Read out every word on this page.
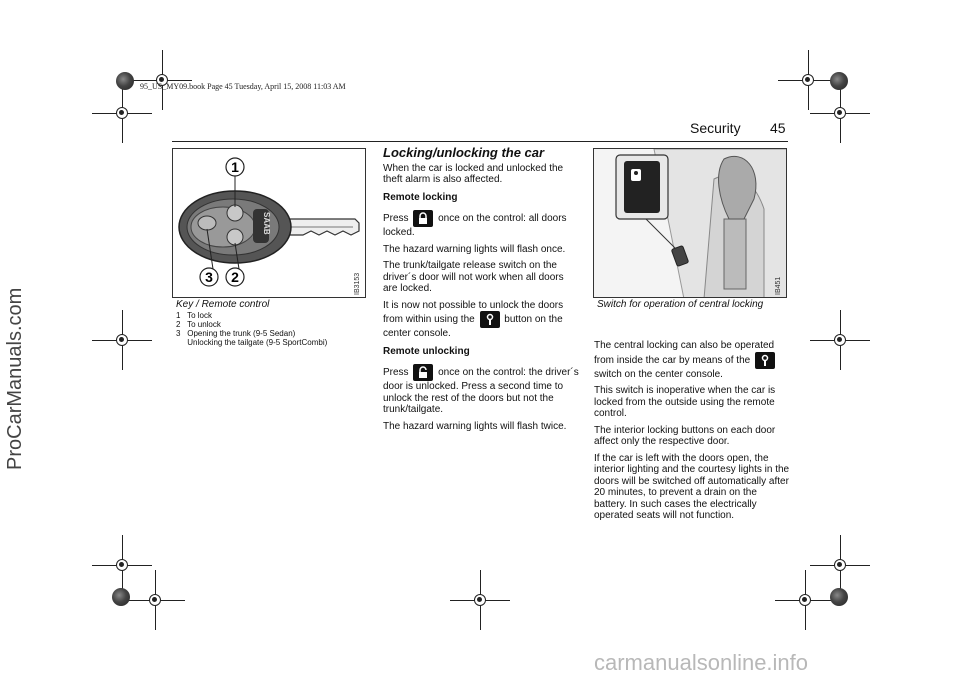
95_US_MY09.book Page 45 Tuesday, April 15, 2008 11:03 AM
Security 45
ProCarManuals.com
carmanualsonline.info
1
3 2
SAAB
IB3153
Key / Remote control
1 To lock
2 To unlock
3 Opening the trunk (9-5 Sedan)
Unlocking the tailgate (9-5 SportCombi)
Locking/unlocking the car

When the car is locked and unlocked the theft alarm is also affected.

Remote locking

Press	once on the control: all doors locked.

The hazard warning lights will flash once.

The trunk/tailgate release switch on the driver´s door will not work when all doors are locked.

It is now not possible to unlock the doors from within using the	button on the center console.

Remote unlocking

Press	once on the control: the driver´s door is unlocked. Press a second time to unlock the rest of the doors but not the trunk/tailgate.

The hazard warning lights will flash twice.

IB451
Switch for operation of central locking

The central locking can also be operated from inside the car by means of the
switch on the center console.

This switch is inoperative when the car is locked from the outside using the remote control.

The interior locking buttons on each door affect only the respective door.

If the car is left with the doors open, the interior lighting and the courtesy lights in the doors will be switched off automatically after 20 minutes, to prevent a drain on the battery. In such cases the electrically operated seats will not function.
